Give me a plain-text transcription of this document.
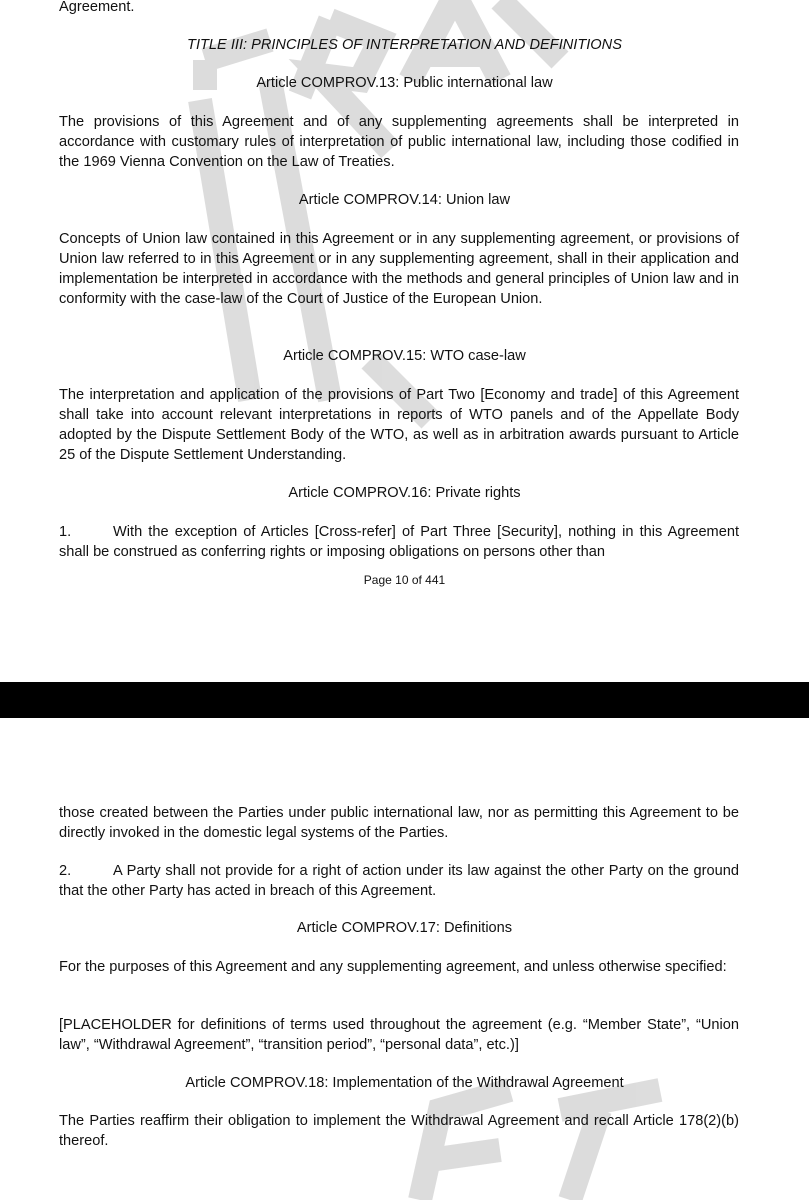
Agreement.

TITLE III: PRINCIPLES OF INTERPRETATION AND DEFINITIONS

Article COMPROV.13: Public international law

The provisions of this Agreement and of any supplementing agreements shall be interpreted in accordance with customary rules of interpretation of public international law, including those codified in the 1969 Vienna Convention on the Law of Treaties.

Article COMPROV.14: Union law

Concepts of Union law contained in this Agreement or in any supplementing agreement, or provisions of Union law referred to in this Agreement or in any supplementing agreement, shall in their application and implementation be interpreted in accordance with the methods and general principles of Union law and in conformity with the case-law of the Court of Justice of the European Union.

Article COMPROV.15: WTO case-law

The interpretation and application of the provisions of Part Two [Economy and trade] of this Agreement shall take into account relevant interpretations in reports of WTO panels and of the Appellate Body adopted by the Dispute Settlement Body of the WTO, as well as in arbitration awards pursuant to Article 25 of the Dispute Settlement Understanding.

Article COMPROV.16: Private rights

1.	With the exception of Articles [Cross-refer] of Part Three [Security], nothing in this Agreement shall be construed as conferring rights or imposing obligations on persons other than

Page 10 of 441

those created between the Parties under public international law, nor as permitting this Agreement to be directly invoked in the domestic legal systems of the Parties.

2.	A Party shall not provide for a right of action under its law against the other Party on the ground that the other Party has acted in breach of this Agreement.

Article COMPROV.17: Definitions

For the purposes of this Agreement and any supplementing agreement, and unless otherwise specified:

[PLACEHOLDER for definitions of terms used throughout the agreement (e.g. “Member State”, “Union law”, “Withdrawal Agreement”, “transition period”, “personal data”, etc.)]

Article COMPROV.18: Implementation of the Withdrawal Agreement

The Parties reaffirm their obligation to implement the Withdrawal Agreement and recall Article 178(2)(b) thereof.
